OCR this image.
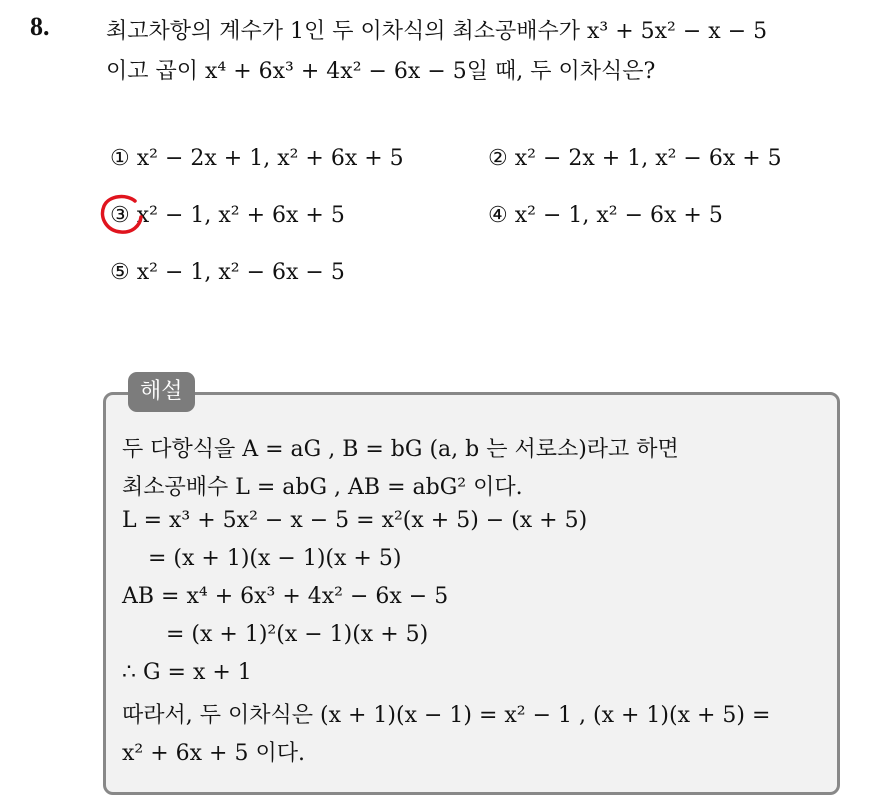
8.	최고차항의 계수가 1인 두 이차식의 최소공배수가 x³ + 5x² − x − 5
이고 곱이 x⁴ + 6x³ + 4x² − 6x − 5일 때, 두 이차식은?
① x² − 2x + 1, x² + 6x + 5	② x² − 2x + 1, x² − 6x + 5
③ x² − 1, x² + 6x + 5	④ x² − 1, x² − 6x + 5
⑤ x² − 1, x² − 6x − 5
해설
두 다항식을 A = aG , B = bG (a, b 는 서로소)라고 하면
최소공배수 L = abG , AB = abG² 이다.
L = x³ + 5x² − x − 5 = x²(x + 5) − (x + 5)
= (x + 1)(x − 1)(x + 5)
AB = x⁴ + 6x³ + 4x² − 6x − 5
= (x + 1)²(x − 1)(x + 5)
∴ G = x + 1
따라서, 두 이차식은 (x + 1)(x − 1) = x² − 1 , (x + 1)(x + 5) =
x² + 6x + 5 이다.
